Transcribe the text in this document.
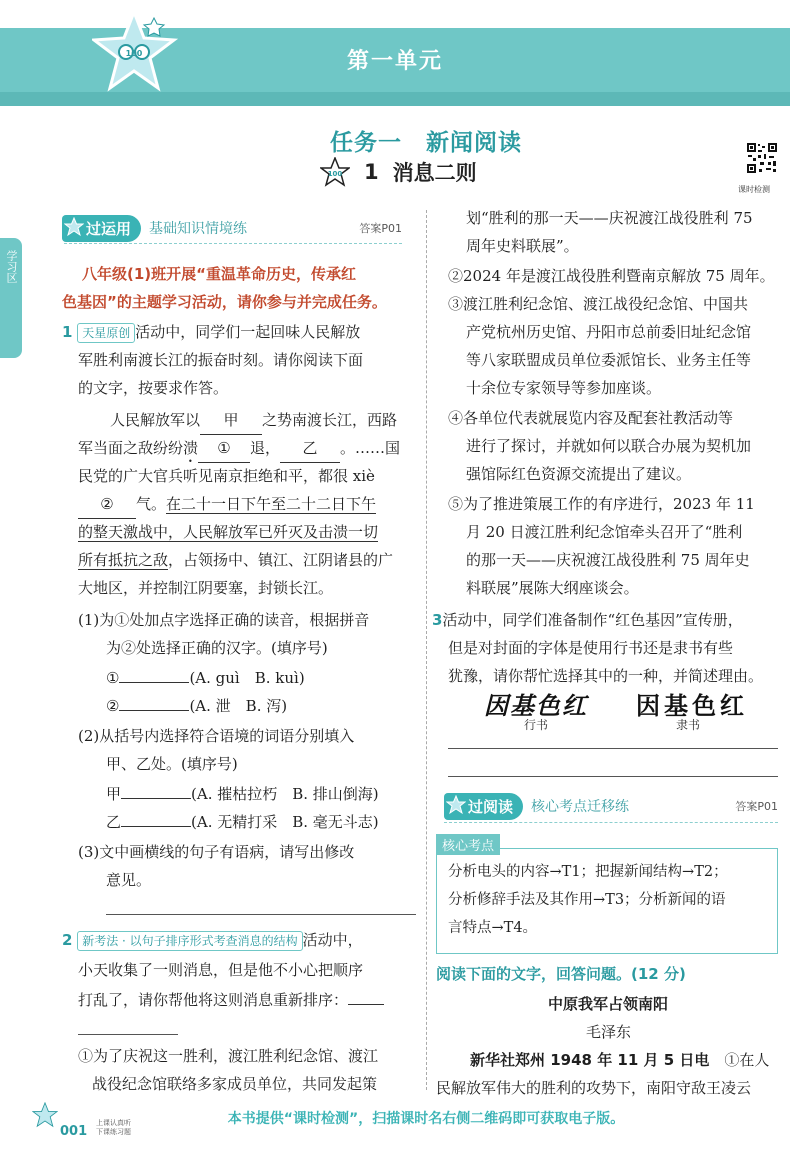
第一单元
100
任务一　新闻阅读
100 1 消息二则
课时检测
学习区
过运用	基础知识情境练	答案P01
八年级(1)班开展“重温革命历史，传承红
色基因”的主题学习活动，请你参与并完成任务。
1 天星原创 活动中，同学们一起回味人民解放
军胜利南渡长江的振奋时刻。请你阅读下面
的文字，按要求作答。
人民解放军以 甲 之势南渡长江，西路
军当面之敌纷纷溃 ① 退， 乙 。……国
民党的广大官兵听见南京拒绝和平，都很 xiè
② 气。在二十一日下午至二十二日下午
的整天激战中，人民解放军已歼灭及击溃一切
所有抵抗之敌，占领扬中、镇江、江阴诸县的广
大地区，并控制江阴要塞，封锁长江。
(1)为①处加点字选择正确的读音，根据拼音
为②处选择正确的汉字。(填序号)
①	(A. guì　B. kuì)
②	(A. 泄　B. 泻)
(2)从括号内选择符合语境的词语分别填入
甲、乙处。(填序号)
甲	(A. 摧枯拉朽　B. 排山倒海)
乙	(A. 无精打采　B. 毫无斗志)
(3)文中画横线的句子有语病，请写出修改
意见。
2 新考法 · 以句子排序形式考查消息的结构 活动中，
小天收集了一则消息，但是他不小心把顺序
打乱了，请你帮他将这则消息重新排序：
①为了庆祝这一胜利，渡江胜利纪念馆、渡江
战役纪念馆联络多家成员单位，共同发起策
划“胜利的那一天——庆祝渡江战役胜利 75
周年史料联展”。
②2024 年是渡江战役胜利暨南京解放 75 周年。
③渡江胜利纪念馆、渡江战役纪念馆、中国共
产党杭州历史馆、丹阳市总前委旧址纪念馆
等八家联盟成员单位委派馆长、业务主任等
十余位专家领导等参加座谈。
④各单位代表就展览内容及配套社教活动等
进行了探讨，并就如何以联合办展为契机加
强馆际红色资源交流提出了建议。
⑤为了推进策展工作的有序进行，2023 年 11
月 20 日渡江胜利纪念馆牵头召开了“胜利
的那一天——庆祝渡江战役胜利 75 周年史
料联展”展陈大纲座谈会。
3活动中，同学们准备制作“红色基因”宣传册，
但是对封面的字体是使用行书还是隶书有些
犹豫，请你帮忙选择其中的一种，并简述理由。
因基色红
行书
因基色红
隶书
过阅读	核心考点迁移练	答案P01
核心考点
分析电头的内容→T1；把握新闻结构→T2；
分析修辞手法及其作用→T3；分析新闻的语
言特点→T4。
阅读下面的文字，回答问题。(12 分)
中原我军占领南阳
毛泽东
新华社郑州 1948 年 11 月 5 日电　 ①在人
民解放军伟大的胜利的攻势下，南阳守敌王凌云
001
上课认真听 下课练习题
本书提供“课时检测”，扫描课时名右侧二维码即可获取电子版。
